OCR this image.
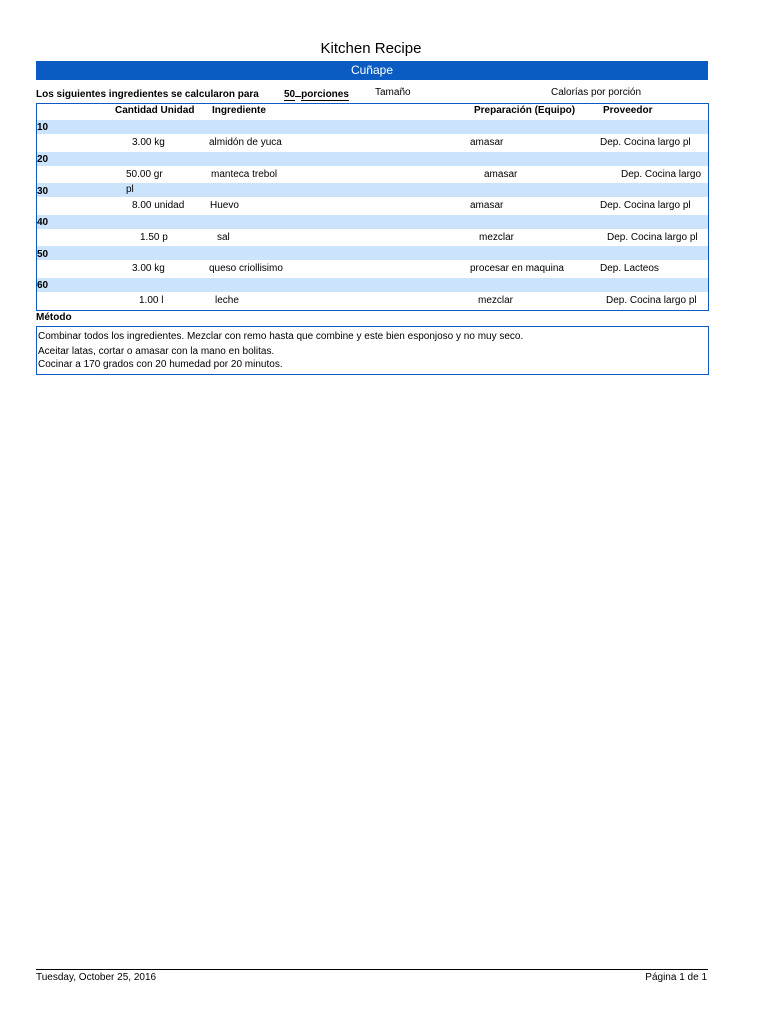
Kitchen Recipe
Cuñape
Los siguientes ingredientes se calcularon para	50 porciones	Tamaño	Calorías por porción
Cantidad Unidad Ingrediente	Preparación (Equipo)	Proveedor
10
3.00 kg	almidón de yuca	amasar	Dep. Cocina largo pl
20
50.00 gr	manteca trebol	amasar	Dep. Cocina largo
30	pl
8.00 unidad	Huevo	amasar	Dep. Cocina largo pl
40
1.50 p	sal	mezclar	Dep. Cocina largo pl
50
3.00 kg	queso criollisimo	procesar en maquina	Dep. Lacteos
60
1.00 l	leche	mezclar	Dep. Cocina largo pl
Método
Combinar todos los ingredientes. Mezclar con remo hasta que combine y este bien esponjoso y no muy seco.
Aceitar latas, cortar o amasar con la mano en bolitas.
Cocinar a 170 grados con 20 humedad por 20 minutos.
Tuesday, October 25, 2016	Página 1 de 1
